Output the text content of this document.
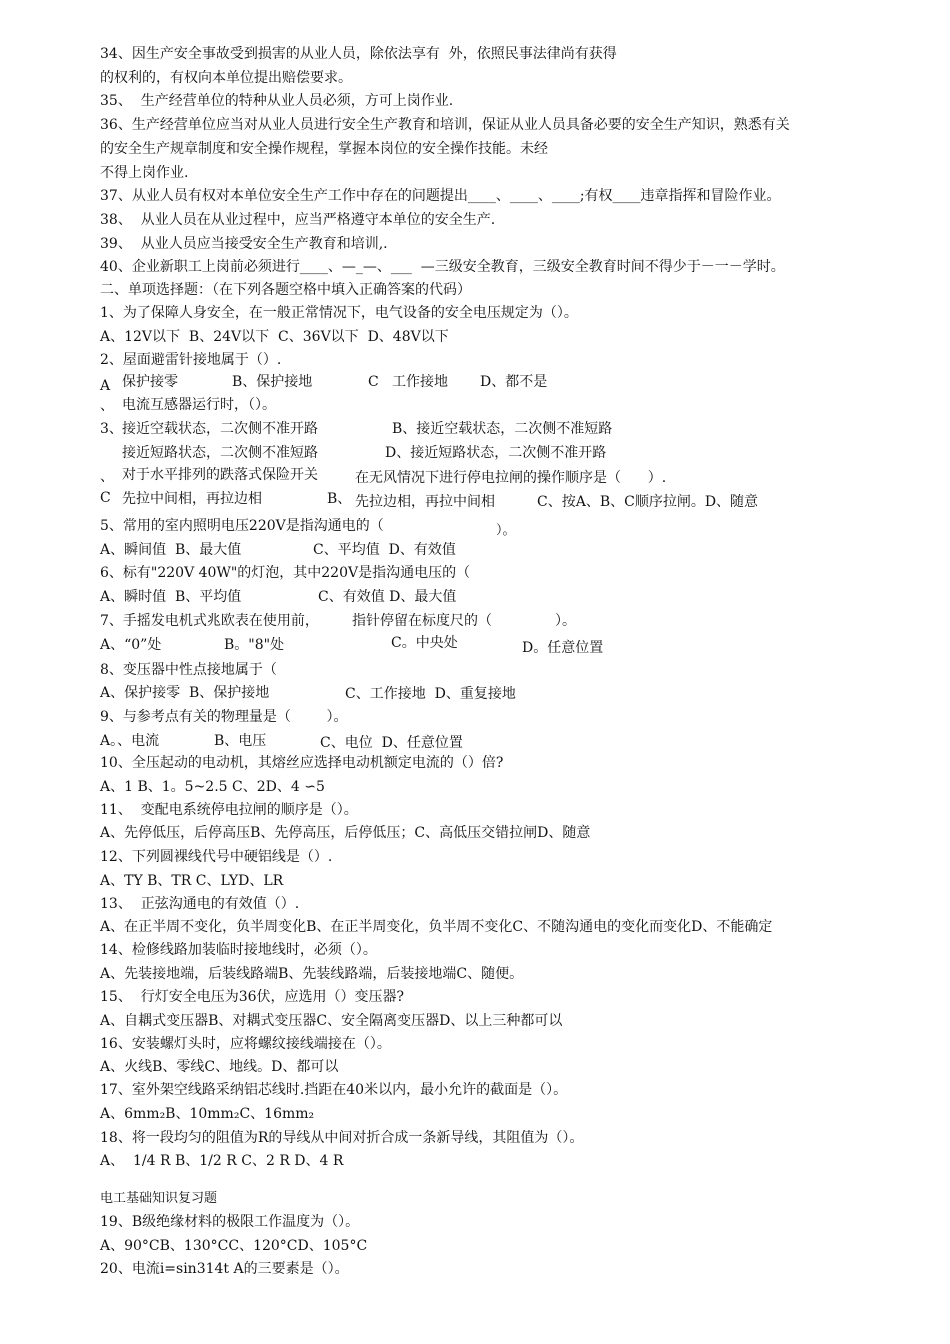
34、因生产安全事故受到损害的从业人员，除依法享有  外，依照民事法律尚有获得
的权利的，有权向本单位提出赔偿要求。
35、  生产经营单位的特种从业人员必须，方可上岗作业.
36、生产经营单位应当对从业人员进行安全生产教育和培训，保证从业人员具备必要的安全生产知识，熟悉有关
的安全生产规章制度和安全操作规程，掌握本岗位的安全操作技能。未经
不得上岗作业.
37、从业人员有权对本单位安全生产工作中存在的问题提出____、____、____;有权____违章指挥和冒险作业。
38、  从业人员在从业过程中，应当严格遵守本单位的安全生产.
39、  从业人员应当接受安全生产教育和培训,.
40、企业新职工上岗前必须进行____、—_—、___  —三级安全教育，三级安全教育时间不得少于－一－学时。
二、单项选择题：（在下列各题空格中填入正确答案的代码）
1、为了保障人身安全，在一般正常情况下，电气设备的安全电压规定为（）。
A、12V以下  B、24V以下  C、36V以下  D、48V以下
2、屋面避雷针接地属于（）.
A 保护接零	B、保护接地	C   工作接地 D、都不是
、 电流互感器运行时，（）。
3、 接近空载状态，二次侧不准开路	B、接近空载状态，二次侧不准短路
接近短路状态，二次侧不准短路	D、接近短路状态，二次侧不准开路
、 对于水平排列的跌落式保险开关	在无风情况下进行停电拉闸的操作顺序是（      ）.
C 先拉中间相，再拉边相	B、 先拉边相，再拉中间相	C、按A、B、C顺序拉闸。D、随意
5、常用的室内照明电压220V是指沟通电的（	）。
A、瞬间值  B、最大值	C、平均值  D、有效值
6、标有"220V 40W"的灯泡，其中220V是指沟通电压的（
A、瞬时值  B、平均值	C、有效值 D、最大值
7、手摇发电机式兆欧表在使用前， 指针停留在标度尺的（	）。
A、“0”处	B。"8"处	C。中央处	D。任意位置
8、变压器中性点接地属于（
A、保护接零  B、保护接地	C、工作接地  D、重复接地
9、与参考点有关的物理量是（        ）。
A。、电流	B、电压	C、电位  D、任意位置
10、全压起动的电动机，其熔丝应选择电动机额定电流的（）倍?
A、1 B、1。5~2.5 C、2D、4 ∽5
11、  变配电系统停电拉闸的顺序是（）。
A、先停低压，后停高压B、先停高压，后停低压；C、高低压交错拉闸D、随意
12、下列圆裸线代号中硬铝线是（）.
A、TY B、TR C、LYD、LR
13、  正弦沟通电的有效值（）.
A、在正半周不变化，负半周变化B、在正半周变化，负半周不变化C、不随沟通电的变化而变化D、不能确定
14、检修线路加装临时接地线时，必须（）。
A、先装接地端，后装线路端B、先装线路端，后装接地端C、随便。
15、  行灯安全电压为36伏，应选用（）变压器?
A、自耦式变压器B、对耦式变压器C、安全隔离变压器D、以上三种都可以
16、安装螺灯头时，应将螺纹接线端接在（）。
A、火线B、零线C、地线。D、都可以
17、室外架空线路采纳铝芯线时.挡距在40米以内，最小允许的截面是（）。
A、6mm₂B、10mm₂C、16mm₂
18、将一段均匀的阻值为R的导线从中间对折合成一条新导线，其阻值为（）。
A、  1/4 R B、1/2 R C、2 R D、4 R
电工基础知识复习题
19、B级绝缘材料的极限工作温度为（）。
A、90°CB、130°CC、120°CD、105°C
20、电流i=sin314t A的三要素是（）。
